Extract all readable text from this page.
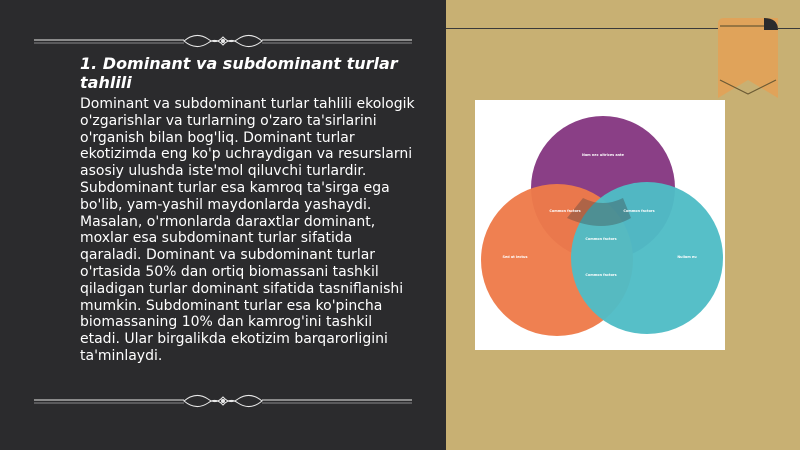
1. Dominant va subdominant turlar tahlili

Dominant va subdominant turlar tahlili ekologik o'zgarishlar va turlarning o'zaro ta'sirlarini o'rganish bilan bog'liq. Dominant turlar ekotizimda eng ko'p uchraydigan va resurslarni asosiy ulushda iste'mol qiluvchi turlardir. Subdominant turlar esa kamroq ta'sirga ega bo'lib, yam-yashil maydonlarda yashaydi. Masalan, o'rmonlarda daraxtlar dominant, moxlar esa subdominant turlar sifatida qaraladi. Dominant va subdominant turlar o'rtasida 50% dan ortiq biomassani tashkil qiladigan turlar dominant sifatida tasniflanishi mumkin. Subdominant turlar esa ko'pincha biomassaning 10% dan kamrog'ini tashkil etadi. Ular birgalikda ekotizim barqarorligini ta'minlaydi.

Nam nec ultrices ante
Sed at lectus	Nullam eu
Common factors	Common factors
Common factors
Common factors
